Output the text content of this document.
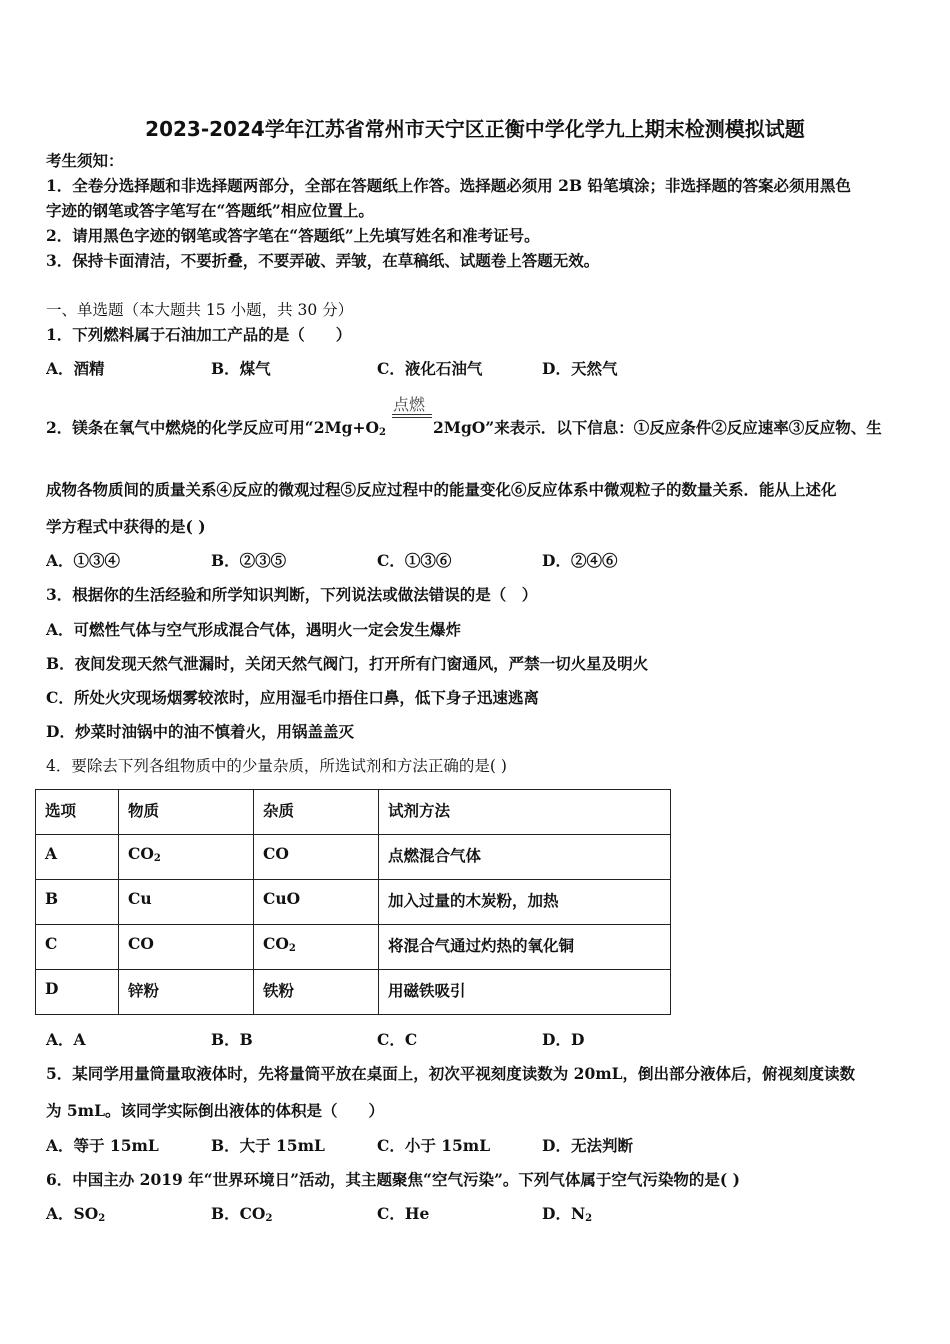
2023-2024学年江苏省常州市天宁区正衡中学化学九上期末检测模拟试题
考生须知：
1．全卷分选择题和非选择题两部分，全部在答题纸上作答。选择题必须用 2B 铅笔填涂；非选择题的答案必须用黑色
字迹的钢笔或答字笔写在“答题纸”相应位置上。
2．请用黑色字迹的钢笔或答字笔在“答题纸”上先填写姓名和准考证号。
3．保持卡面清洁，不要折叠，不要弄破、弄皱，在草稿纸、试题卷上答题无效。
一、单选题（本大题共 15 小题，共 30 分）
1．下列燃料属于石油加工产品的是（　　）
A．酒精	B．煤气	C．液化石油气	D．天然气
点燃
2．镁条在氧气中燃烧的化学反应可用“$2Mg+O_2$	2MgO”来表示．以下信息：①反应条件②反应速率③反应物、生
成物各物质间的质量关系④反应的微观过程⑤反应过程中的能量变化⑥反应体系中微观粒子的数量关系．能从上述化
学方程式中获得的是( )
A．①③④	B．②③⑤	C．①③⑥	D．②④⑥
3．根据你的生活经验和所学知识判断，下列说法或做法错误的是（　）
A．可燃性气体与空气形成混合气体，遇明火一定会发生爆炸
B．夜间发现天然气泄漏时，关闭天然气阀门，打开所有门窗通风，严禁一切火星及明火
C．所处火灾现场烟雾较浓时，应用湿毛巾捂住口鼻，低下身子迅速逃离
D．炒菜时油锅中的油不慎着火，用锅盖盖灭
4．要除去下列各组物质中的少量杂质，所选试剂和方法正确的是( )
选项	物质	杂质	试剂方法
A	$CO_2$	CO	点燃混合气体
B	Cu	CuO	加入过量的木炭粉，加热
C	CO	$CO_2$	将混合气通过灼热的氧化铜
D	锌粉	铁粉	用磁铁吸引
A．A	B．B	C．C	D．D
5．某同学用量筒量取液体时，先将量筒平放在桌面上，初次平视刻度读数为 20mL，倒出部分液体后，俯视刻度读数
为 5mL。该同学实际倒出液体的体积是（　　）
A．等于 15mL	B．大于 15mL	C．小于 15mL	D．无法判断
6．中国主办 2019 年“世界环境日”活动，其主题聚焦“空气污染”。下列气体属于空气污染物的是( )
A．$SO_2$	B．$CO_2$	C．He	D．$N_2$
